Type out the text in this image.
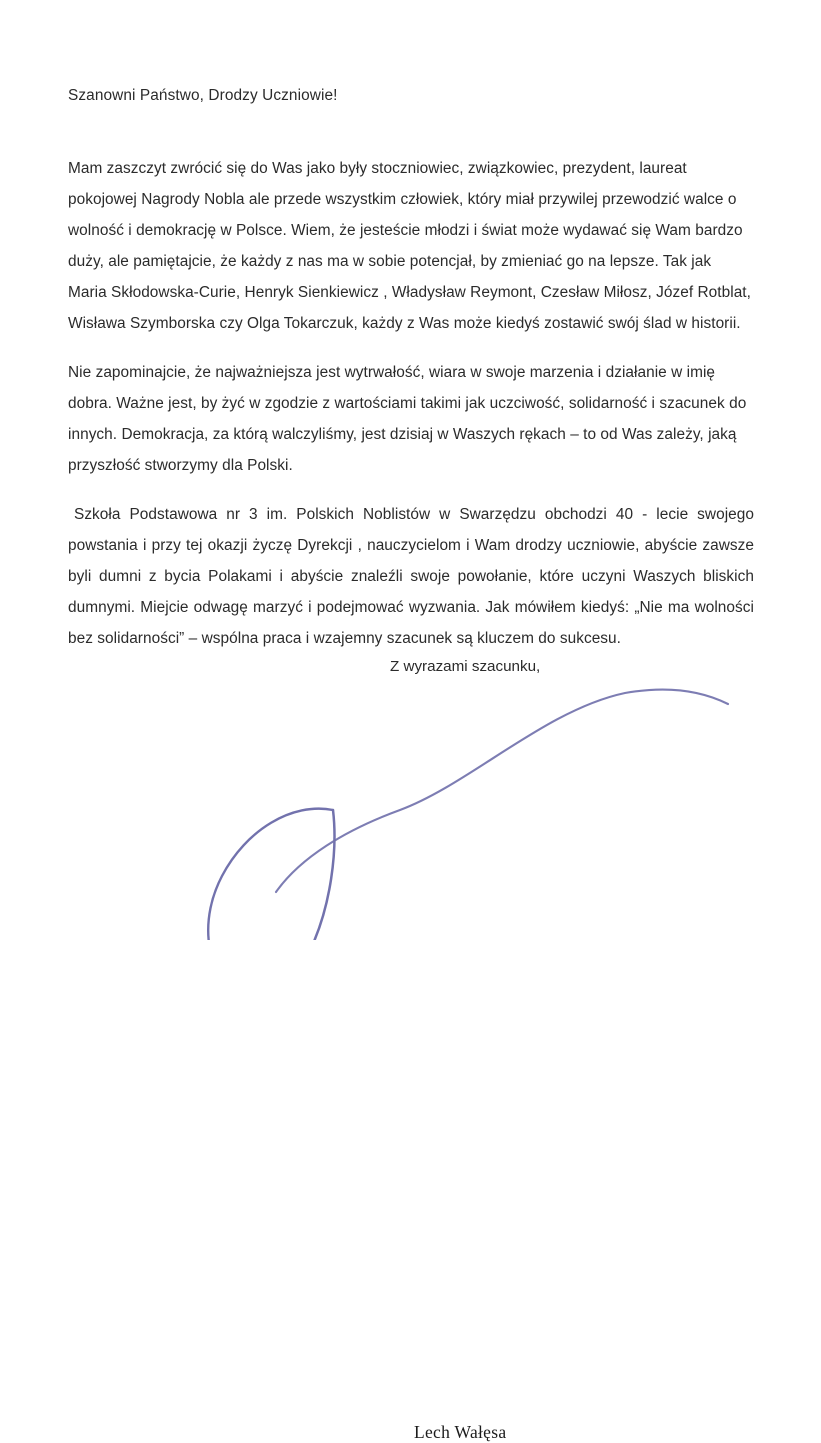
Szanowni Państwo, Drodzy Uczniowie!

Mam zaszczyt zwrócić się do Was jako były stoczniowiec, związkowiec, prezydent, laureat pokojowej Nagrody Nobla ale przede wszystkim człowiek, który miał przywilej przewodzić walce o wolność i demokrację w Polsce. Wiem, że jesteście młodzi i świat może wydawać się Wam bardzo duży, ale pamiętajcie, że każdy z nas ma w sobie potencjał, by zmieniać go na lepsze. Tak jak Maria Skłodowska-Curie, Henryk Sienkiewicz , Władysław Reymont, Czesław Miłosz, Józef Rotblat, Wisława Szymborska czy Olga Tokarczuk, każdy z Was może kiedyś zostawić swój ślad w historii.

Nie zapominajcie, że najważniejsza jest wytrwałość, wiara w swoje marzenia i działanie w imię dobra. Ważne jest, by żyć w zgodzie z wartościami takimi jak uczciwość, solidarność i szacunek do innych. Demokracja, za którą walczyliśmy, jest dzisiaj w Waszych rękach – to od Was zależy, jaką przyszłość stworzymy dla Polski.

Szkoła Podstawowa nr 3 im. Polskich Noblistów w Swarzędzu obchodzi 40 - lecie swojego powstania i przy tej okazji życzę Dyrekcji , nauczycielom i Wam drodzy uczniowie, abyście zawsze byli dumni z bycia Polakami i abyście znaleźli swoje powołanie, które uczyni Waszych bliskich dumnymi. Miejcie odwagę marzyć i podejmować wyzwania. Jak mówiłem kiedyś: „Nie ma wolności bez solidarności” – wspólna praca i wzajemny szacunek są kluczem do sukcesu.

Z wyrazami szacunku,

Lech Wałęsa
